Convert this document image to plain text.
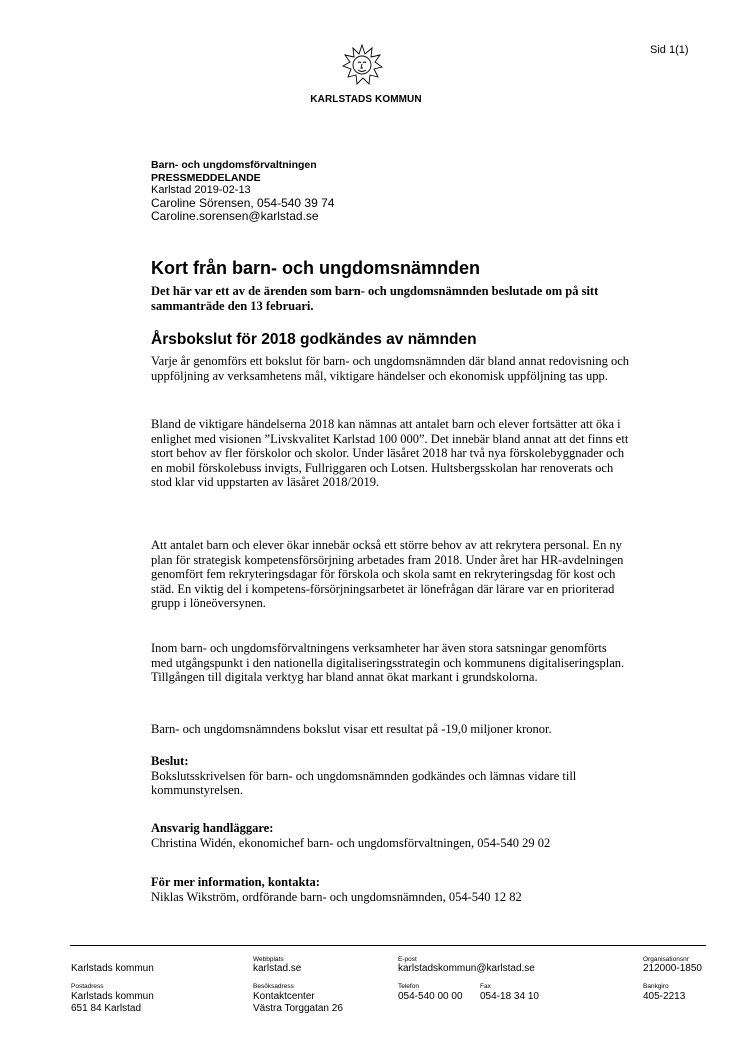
Sid 1(1)
KARLSTADS KOMMUN
Barn- och ungdomsförvaltningen
PRESSMEDDELANDE
Karlstad 2019-02-13
Caroline Sörensen, 054-540 39 74
Caroline.sorensen@karlstad.se
Kort från barn- och ungdomsnämnden
Det här var ett av de ärenden som barn- och ungdomsnämnden beslutade om på sitt sammanträde den 13 februari.
Årsbokslut för 2018 godkändes av nämnden
Varje år genomförs ett bokslut för barn- och ungdomsnämnden där bland annat redovisning och uppföljning av verksamhetens mål, viktigare händelser och ekonomisk uppföljning tas upp.
Bland de viktigare händelserna 2018 kan nämnas att antalet barn och elever fortsätter att öka i enlighet med visionen ”Livskvalitet Karlstad 100 000”. Det innebär bland annat att det finns ett stort behov av fler förskolor och skolor. Under läsåret 2018 har två nya förskolebyggnader och en mobil förskolebuss invigts, Fullriggaren och Lotsen. Hultsbergsskolan har renoverats och stod klar vid uppstarten av läsåret 2018/2019.
Att antalet barn och elever ökar innebär också ett större behov av att rekrytera personal. En ny plan för strategisk kompetensförsörjning arbetades fram 2018. Under året har HR-avdelningen genomfört fem rekryteringsdagar för förskola och skola samt en rekryteringsdag för kost och städ. En viktig del i kompetens-försörjningsarbetet är lönefrågan där lärare var en prioriterad grupp i löneöversynen.
Inom barn- och ungdomsförvaltningens verksamheter har även stora satsningar genomförts med utgångspunkt i den nationella digitaliseringsstrategin och kommunens digitaliseringsplan. Tillgången till digitala verktyg har bland annat ökat markant i grundskolorna.
Barn- och ungdomsnämndens bokslut visar ett resultat på -19,0 miljoner kronor.
Beslut:
Bokslutsskrivelsen för barn- och ungdomsnämnden godkändes och lämnas vidare till kommunstyrelsen.
Ansvarig handläggare:
Christina Widén, ekonomichef barn- och ungdomsförvaltningen, 054-540 29 02
För mer information, kontakta:
Niklas Wikström, ordförande barn- och ungdomsnämnden, 054-540 12 82
Karlstads kommun
Webbplats
karlstad.se
E-post
karlstadskommun@karlstad.se
Organisationsnr
212000-1850
Postadress
Karlstads kommun
651 84 Karlstad
Besöksadress
Kontaktcenter
Västra Torggatan 26
Telefon
054-540 00 00
Fax
054-18 34 10
Bankgiro
405-2213
